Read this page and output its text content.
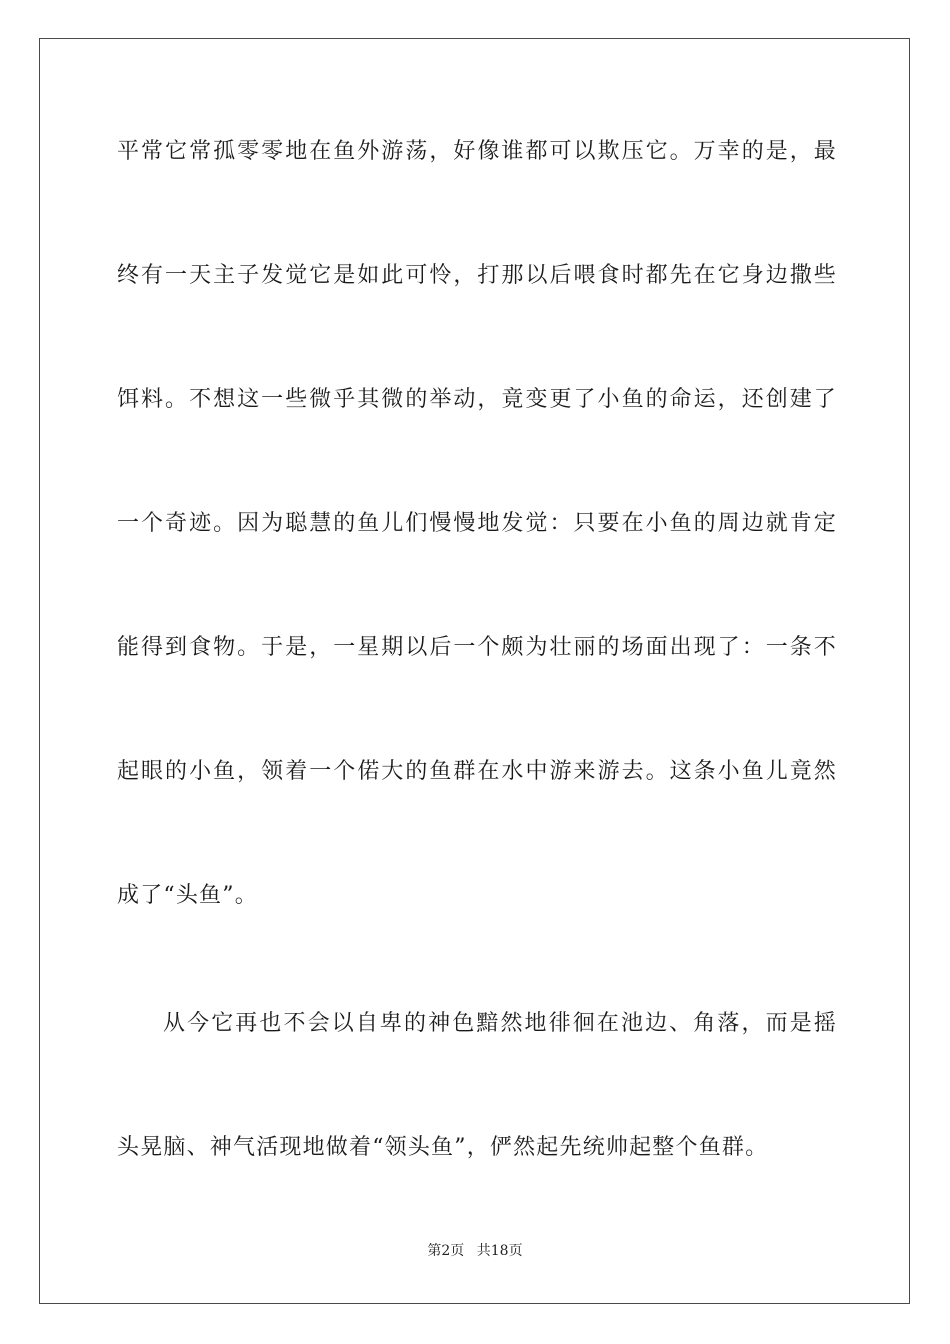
平常它常孤零零地在鱼外游荡，好像谁都可以欺压它。万幸的是，最
终有一天主子发觉它是如此可怜，打那以后喂食时都先在它身边撒些
饵料。不想这一些微乎其微的举动，竟变更了小鱼的命运，还创建了
一个奇迹。因为聪慧的鱼儿们慢慢地发觉：只要在小鱼的周边就肯定
能得到食物。于是，一星期以后一个颇为壮丽的场面出现了：一条不
起眼的小鱼，领着一个偌大的鱼群在水中游来游去。这条小鱼儿竟然
成了“头鱼”。
从今它再也不会以自卑的神色黯然地徘徊在池边、角落，而是摇
头晃脑、神气活现地做着“领头鱼”，俨然起先统帅起整个鱼群。
第2页 共18页
